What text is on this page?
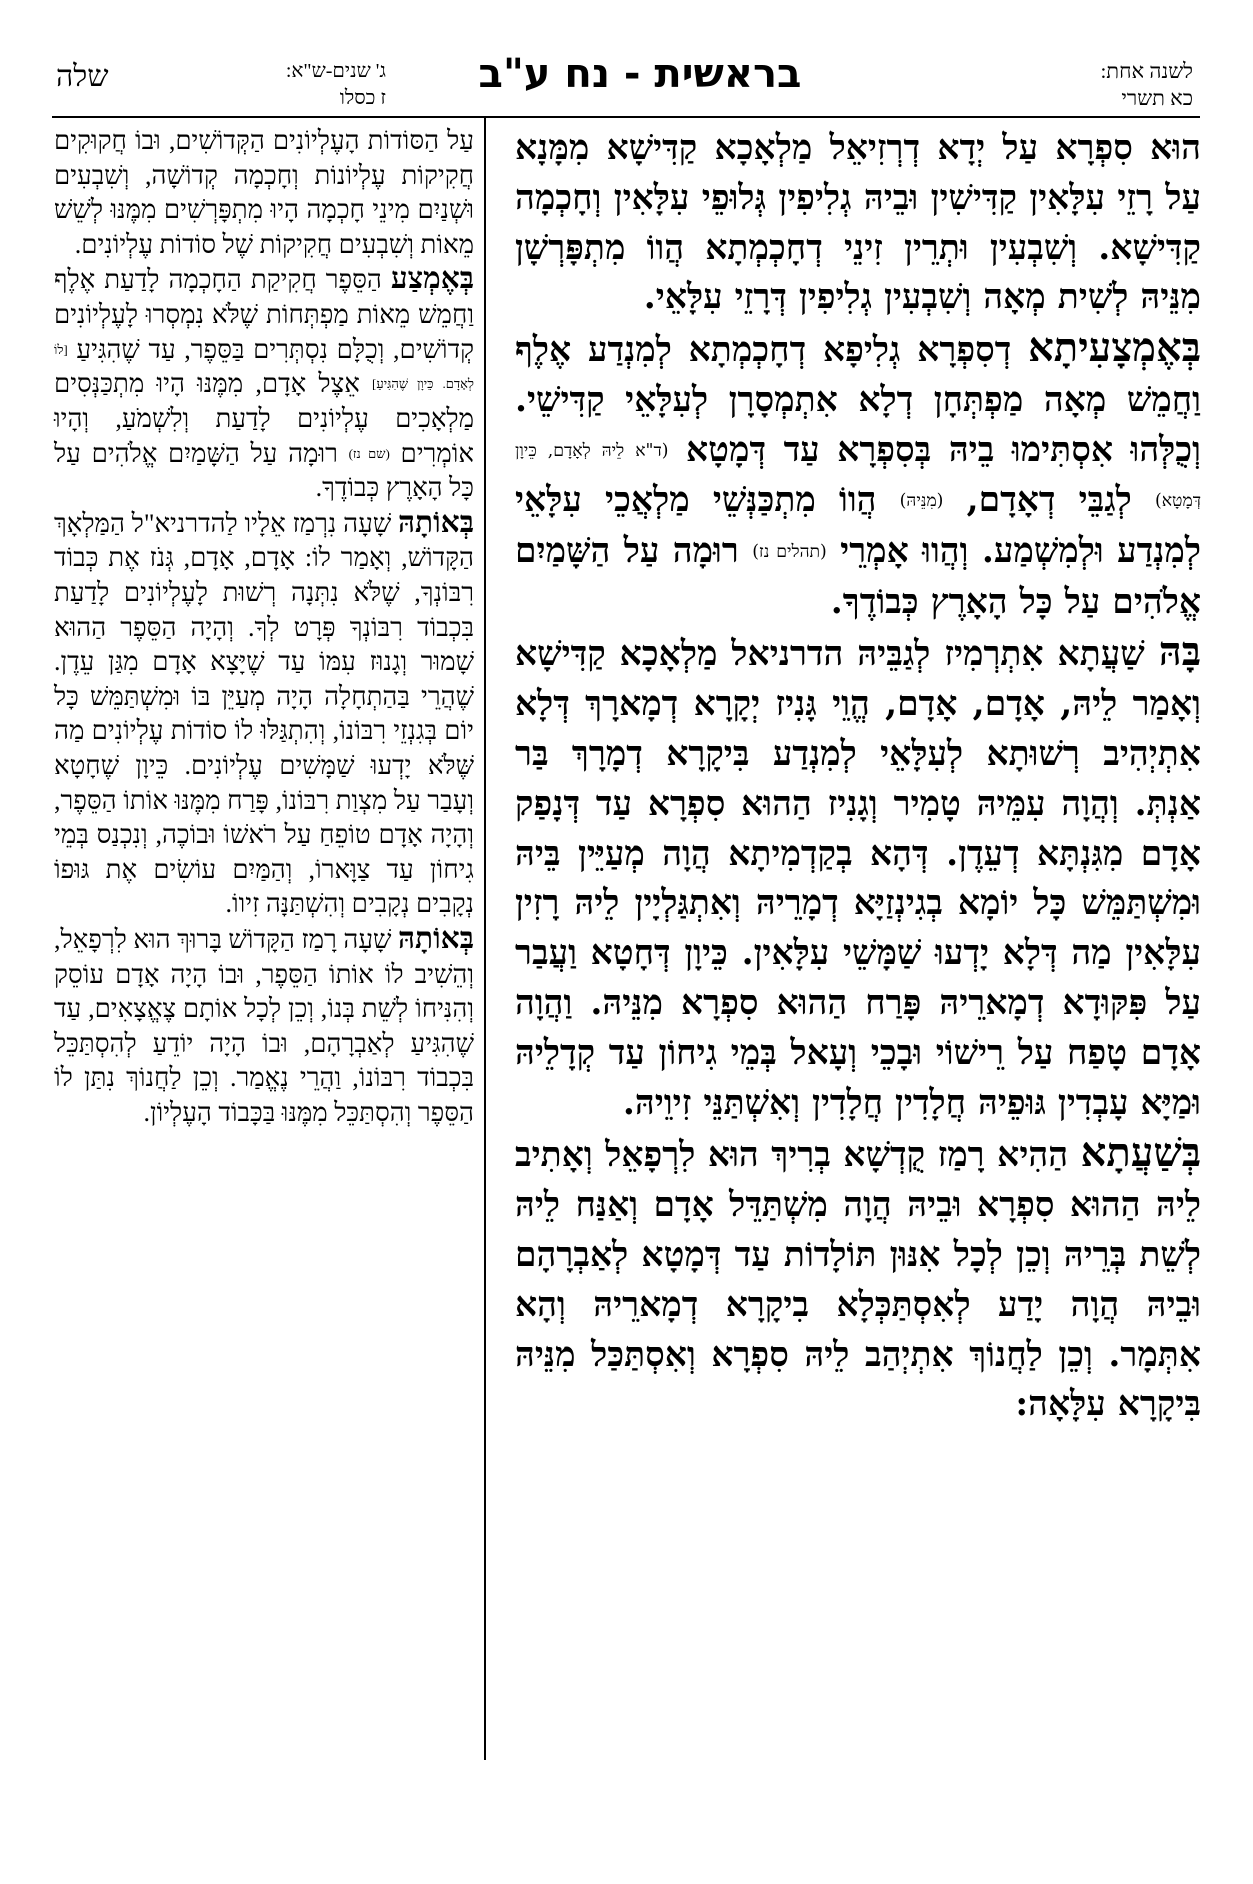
לשנה אחת:
כא תשרי
בראשית - נח ע"ב
ג' שנים-ש"א:
ז כסלו
שלה

הוּא סִפְרָא עַל יְדָא דְרְזִיאֵל מַלְאָכָא קַדִּישָׁא מִמָּנָא עַל רָזֵי עִלָּאִין קַדִּישִׁין וּבֵיהּ גְלִיפִין גְּלוּפֵי עִלָּאִין וְחָכְמָה קַדִּישָׁא. וְשִׁבְעִין וּתְרֵין זִינֵי דְחָכְמְתָא הֲווֹ מִתְפָּרְשָׁן מִנֵּיהּ לְשִׁית מְאָה וְשִׁבְעִין גְלִיפִין דְּרָזֵי עִלָּאֵי.

בְּאֶמְצָעִיתָא דְסִפְרָא גְלִיפָא דְחָכְמְתָא לְמִנְדַע אֶלֶף וַחֲמֵשׁ מְאָה מַפְתְּחָן דְלָא אִתְמְסָרָן לְעִלָּאֵי קַדִּישֵׁי. וְכֻלְּהוּ אִסְתִּימוּ בֵיהּ בְּסִפְרָא עַד דְּמָטָא (ד"א לֵיהּ לְאָדָם, כֵּיוָן דְּמָטָא) לְגַבֵּי דְאָדָם, (מִנֵּיהּ) הֲווֹ מִתְכַּנְּשֵׁי מַלְאֲכֵי עִלָּאֵי לְמִנְדַע וּלְמִשְׁמַע. וְהֲווּ אָמְרֵי (תהלים נז) רוּמָה עַל הַשָּׁמַיִם אֱלֹהִים עַל כָּל הָאָרֶץ כְּבוֹדֶךָ.

בָּהּ שַׁעֲתָא אִתְרְמִיז לְגַבֵּיהּ הדרניאל מַלְאָכָא קַדִּישָׁא וְאָמַר לֵיהּ, אָדָם, אָדָם, הֱוֵי גָּנִיז יְקָרָא דְמָארָךְ דְּלָא אִתְיְהִיב רְשׁוּתָא לְעִלָּאֵי לְמִנְדַע בִּיקָרָא דְמָרָךְ בַּר אַנְתְּ. וְהֲוָה עִמֵּיהּ טָמִיר וְגָנִיז הַהוּא סִפְרָא עַד דְּנָפַק אָדָם מִגִּנְתָּא דְעֵדֶן. דְּהָא בְקַדְמִיתָא הֲוָה מְעַיֵּין בֵּיהּ וּמִשְׁתַּמֵּשׁ כָּל יוֹמָא בְגִינְזַיָּא דְמָרֵיהּ וְאִתְגַּלְיָין לֵיהּ רָזִין עִלָּאִין מַה דְּלָא יָדְעוּ שַׁמָּשֵׁי עִלָּאִין. כֵּיוָן דְּחָטָא וַעֲבַר עַל פִּקּוּדָא דְמָארֵיהּ פָּרַח הַהוּא סִפְרָא מִנֵּיהּ. וַהֲוָה אָדָם טָפַח עַל רֵישׁוֹי וּבָכֵי וְעָאל בְּמֵי גִיחוֹן עַד קְדָלֵיהּ וּמַיָּא עָבְדִין גּוּפֵיהּ חֲלָדִין חֲלָדִין וְאִשְׁתַּנֵּי זִיוֵיהּ.

בְּשַׁעֲתָא הַהִיא רָמַז קֻדְשָׁא בְרִיךְ הוּא לִרְפָאֵל וְאָתִיב לֵיהּ הַהוּא סִפְרָא וּבֵיהּ הֲוָה מִשְׁתַּדֵּל אָדָם וְאַנַּח לֵיהּ לְשֵׁת בְּרֵיהּ וְכֵן לְכָל אִנּוּן תּוֹלָדוֹת עַד דְּמָטָא לְאַבְרָהָם וּבֵיהּ הֲוָה יָדַע לְאִסְתַּכְּלָא בִיקָרָא דְמָארֵיהּ וְהָא אִתְּמָר. וְכֵן לַחֲנוֹךְ אִתְיְהַב לֵיהּ סִפְרָא וְאִסְתַּכַּל מִנֵּיהּ בִּיקָרָא עִלָּאָה:

עַל הַסּוֹדוֹת הָעֶלְיוֹנִים הַקְּדוֹשִׁים, וּבוֹ חֲקוּקִים חֲקִיקוֹת עֶלְיוֹנוֹת וְחָכְמָה קְדוֹשָׁה, וְשִׁבְעִים וּשְׁנַיִם מִינֵי חָכְמָה הָיוּ מִתְפָּרְשִׁים מִמֶּנּוּ לְשֵׁשׁ מֵאוֹת וְשִׁבְעִים חֲקִיקוֹת שֶׁל סוֹדוֹת עֶלְיוֹנִים.

בְּאֶמְצַע הַסֵּפֶר חֲקִיקַת הַחָכְמָה לָדַעַת אֶלֶף וַחֲמֵשׁ מֵאוֹת מַפְתְּחוֹת שֶׁלֹּא נִמְסְרוּ לָעֶלְיוֹנִים קְדוֹשִׁים, וְכֻלָּם נִסְתְּרִים בַּסֵּפֶר, עַד שֶׁהִגִּיעַ [לוֹ לְאָדָם. כֵּיוָן שֶׁהִגִּיעַ] אֵצֶל אָדָם, מִמֶּנּוּ הָיוּ מִתְכַּנְּסִים מַלְאָכִים עֶלְיוֹנִים לָדַעַת וְלִשְׁמֹעַ, וְהָיוּ אוֹמְרִים (שם נז) רוּמָה עַל הַשָּׁמַיִם אֱלֹהִים עַל כָּל הָאָרֶץ כְּבוֹדֶךָ.

בְּאוֹתָהּ שָׁעָה נִרְמַז אֵלָיו לַהדרניא"ל הַמַּלְאָךְ הַקָּדוֹשׁ, וְאָמַר לוֹ: אָדָם, אָדָם, גְּנֹז אֶת כְּבוֹד רִבּוֹנְךָ, שֶׁלֹּא נִתְּנָה רְשׁוּת לָעֶלְיוֹנִים לָדַעַת בִּכְבוֹד רִבּוֹנְךָ פְּרָט לְךָ. וְהָיָה הַסֵּפֶר הַהוּא שָׁמוּר וְגָנוּז עִמּוֹ עַד שֶׁיָּצָא אָדָם מִגַּן עֵדֶן. שֶׁהֲרֵי בַּהַתְחָלָה הָיָה מְעַיֵּן בּוֹ וּמִשְׁתַּמֵּשׁ כָּל יוֹם בְּגִנְזֵי רִבּוֹנוֹ, וְהִתְגַּלּוּ לוֹ סוֹדוֹת עֶלְיוֹנִים מַה שֶּׁלֹּא יָדְעוּ שַׁמָּשִׁים עֶלְיוֹנִים. כֵּיוָן שֶׁחָטָא וְעָבַר עַל מִצְוַת רִבּוֹנוֹ, פָּרַח מִמֶּנּוּ אוֹתוֹ הַסֵּפֶר, וְהָיָה אָדָם טוֹפֵחַ עַל רֹאשׁוֹ וּבוֹכֶה, וְנִכְנַס בְּמֵי גִיחוֹן עַד צַוָּארוֹ, וְהַמַּיִם עוֹשִׂים אֶת גּוּפוֹ נְקָבִים נְקָבִים וְהִשְׁתַּנָּה זִיווֹ.

בְּאוֹתָהּ שָׁעָה רָמַז הַקָּדוֹשׁ בָּרוּךְ הוּא לִרְפָאֵל, וְהֵשִׁיב לוֹ אוֹתוֹ הַסֵּפֶר, וּבוֹ הָיָה אָדָם עוֹסֵק וְהִנִּיחוֹ לְשֵׁת בְּנוֹ, וְכֵן לְכָל אוֹתָם צֶאֱצָאִים, עַד שֶׁהִגִּיעַ לְאַבְרָהָם, וּבוֹ הָיָה יוֹדֵעַ לְהִסְתַּכֵּל בִּכְבוֹד רִבּוֹנוֹ, וַהֲרֵי נֶאֱמַר. וְכֵן לַחֲנוֹךְ נִתַּן לוֹ הַסֵּפֶר וְהִסְתַּכֵּל מִמֶּנּוּ בַּכָּבוֹד הָעֶלְיוֹן.
